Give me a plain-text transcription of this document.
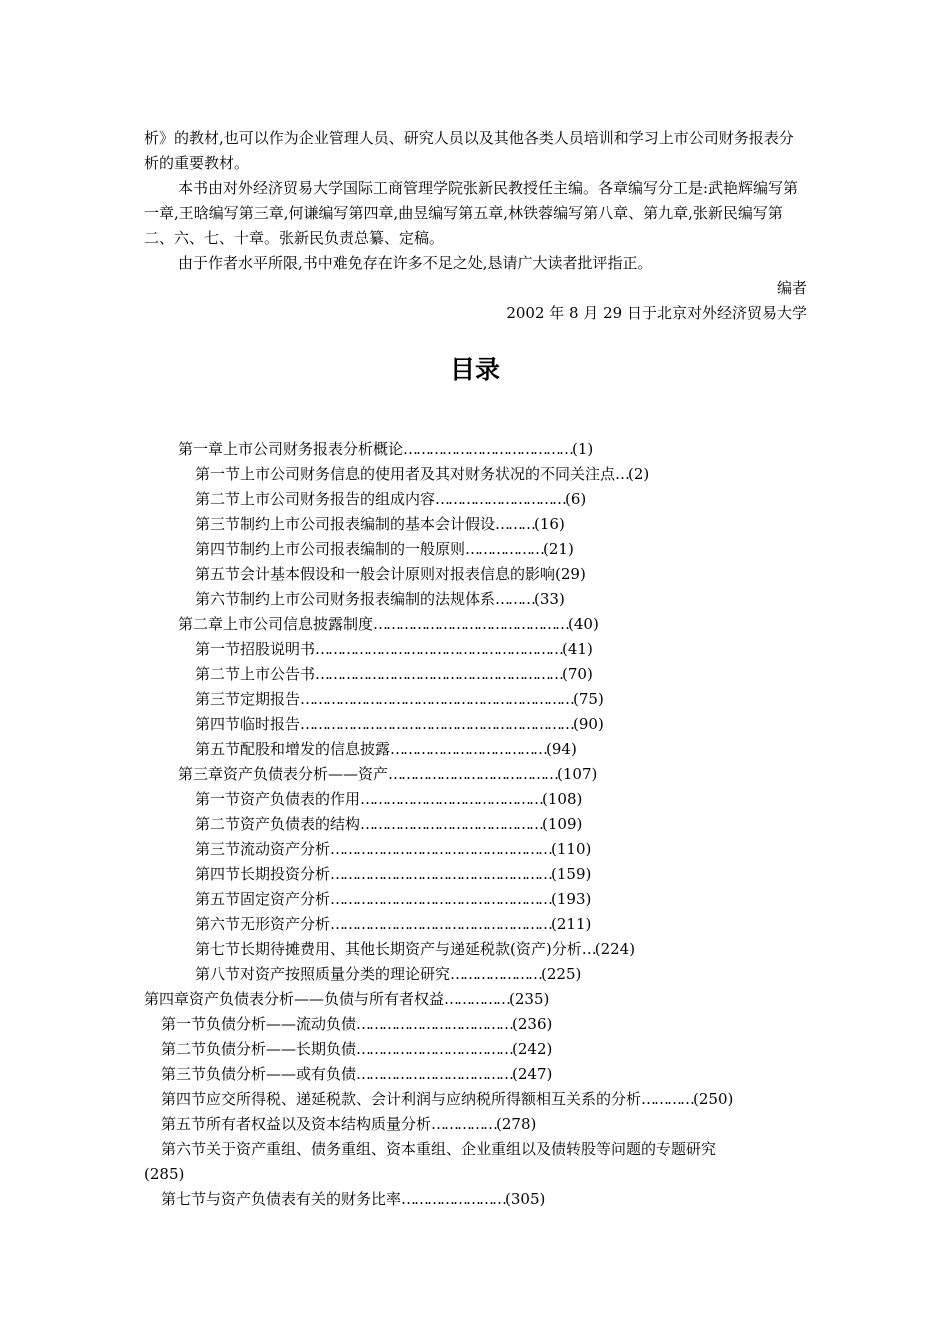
析》的教材,也可以作为企业管理人员、研究人员以及其他各类人员培训和学习上市公司财务报表分析的重要教材。

本书由对外经济贸易大学国际工商管理学院张新民教授任主编。各章编写分工是:武艳辉编写第一章,王晗编写第三章,何谦编写第四章,曲昱编写第五章,林铁蓉编写第八章、第九章,张新民编写第二、六、七、十章。张新民负责总纂、定稿。

由于作者水平所限,书中难免存在许多不足之处,恳请广大读者批评指正。

编者
2002 年 8 月 29 日于北京对外经济贸易大学
目录
第一章上市公司财务报表分析概论…………………………………(1)
第一节上市公司财务信息的使用者及其对财务状况的不同关注点…(2)
第二节上市公司财务报告的组成内容…………………………(6)
第三节制约上市公司报表编制的基本会计假设………(16)
第四节制约上市公司报表编制的一般原则………………(21)
第五节会计基本假设和一般会计原则对报表信息的影响(29)
第六节制约上市公司财务报表编制的法规体系………(33)
第二章上市公司信息披露制度………………………………………(40)
第一节招股说明书…………………………………………………(41)
第二节上市公告书…………………………………………………(70)
第三节定期报告………………………………………………………(75)
第四节临时报告………………………………………………………(90)
第五节配股和增发的信息披露………………………………(94)
第三章资产负债表分析——资产…………………………………(107)
第一节资产负债表的作用……………………………………(108)
第二节资产负债表的结构……………………………………(109)
第三节流动资产分析……………………………………………(110)
第四节长期投资分析……………………………………………(159)
第五节固定资产分析……………………………………………(193)
第六节无形资产分析……………………………………………(211)
第七节长期待摊费用、其他长期资产与递延税款(资产)分析…(224)
第八节对资产按照质量分类的理论研究…………………(225)
第四章资产负债表分析——负债与所有者权益……………(235)
第一节负债分析——流动负债………………………………(236)
第二节负债分析——长期负债………………………………(242)
第三节负债分析——或有负债………………………………(247)
第四节应交所得税、递延税款、会计利润与应纳税所得额相互关系的分析…………(250)
第五节所有者权益以及资本结构质量分析……………(278)
第六节关于资产重组、债务重组、资本重组、企业重组以及债转股等问题的专题研究
(285)
第七节与资产负债表有关的财务比率……………………(305)
